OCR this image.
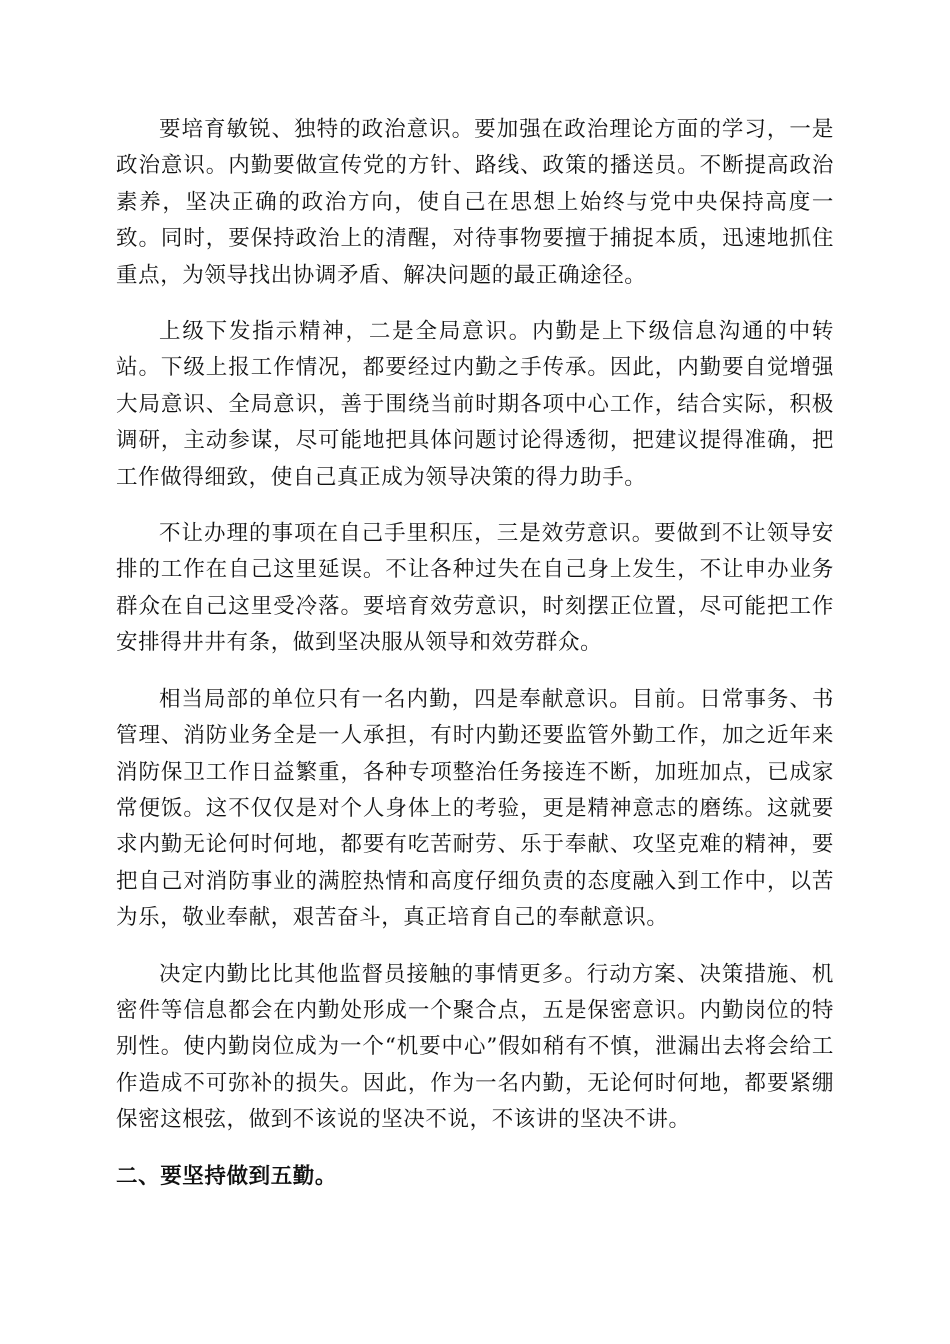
要培育敏锐、独特的政治意识。要加强在政治理论方面的学习，一是政治意识。内勤要做宣传党的方针、路线、政策的播送员。不断提高政治素养，坚决正确的政治方向，使自己在思想上始终与党中央保持高度一致。同时，要保持政治上的清醒，对待事物要擅于捕捉本质，迅速地抓住重点，为领导找出协调矛盾、解决问题的最正确途径。

上级下发指示精神，二是全局意识。内勤是上下级信息沟通的中转站。下级上报工作情况，都要经过内勤之手传承。因此，内勤要自觉增强大局意识、全局意识，善于围绕当前时期各项中心工作，结合实际，积极调研，主动参谋，尽可能地把具体问题讨论得透彻，把建议提得准确，把工作做得细致，使自己真正成为领导决策的得力助手。

不让办理的事项在自己手里积压，三是效劳意识。要做到不让领导安排的工作在自己这里延误。不让各种过失在自己身上发生，不让申办业务群众在自己这里受冷落。要培育效劳意识，时刻摆正位置，尽可能把工作安排得井井有条，做到坚决服从领导和效劳群众。

相当局部的单位只有一名内勤，四是奉献意识。目前。日常事务、书管理、消防业务全是一人承担，有时内勤还要监管外勤工作，加之近年来消防保卫工作日益繁重，各种专项整治任务接连不断，加班加点，已成家常便饭。这不仅仅是对个人身体上的考验，更是精神意志的磨练。这就要求内勤无论何时何地，都要有吃苦耐劳、乐于奉献、攻坚克难的精神，要把自己对消防事业的满腔热情和高度仔细负责的态度融入到工作中，以苦为乐，敬业奉献，艰苦奋斗，真正培育自己的奉献意识。

决定内勤比比其他监督员接触的事情更多。行动方案、决策措施、机密件等信息都会在内勤处形成一个聚合点，五是保密意识。内勤岗位的特别性。使内勤岗位成为一个“机要中心”假如稍有不慎，泄漏出去将会给工作造成不可弥补的损失。因此，作为一名内勤，无论何时何地，都要紧绷保密这根弦，做到不该说的坚决不说，不该讲的坚决不讲。

二、要坚持做到五勤。
